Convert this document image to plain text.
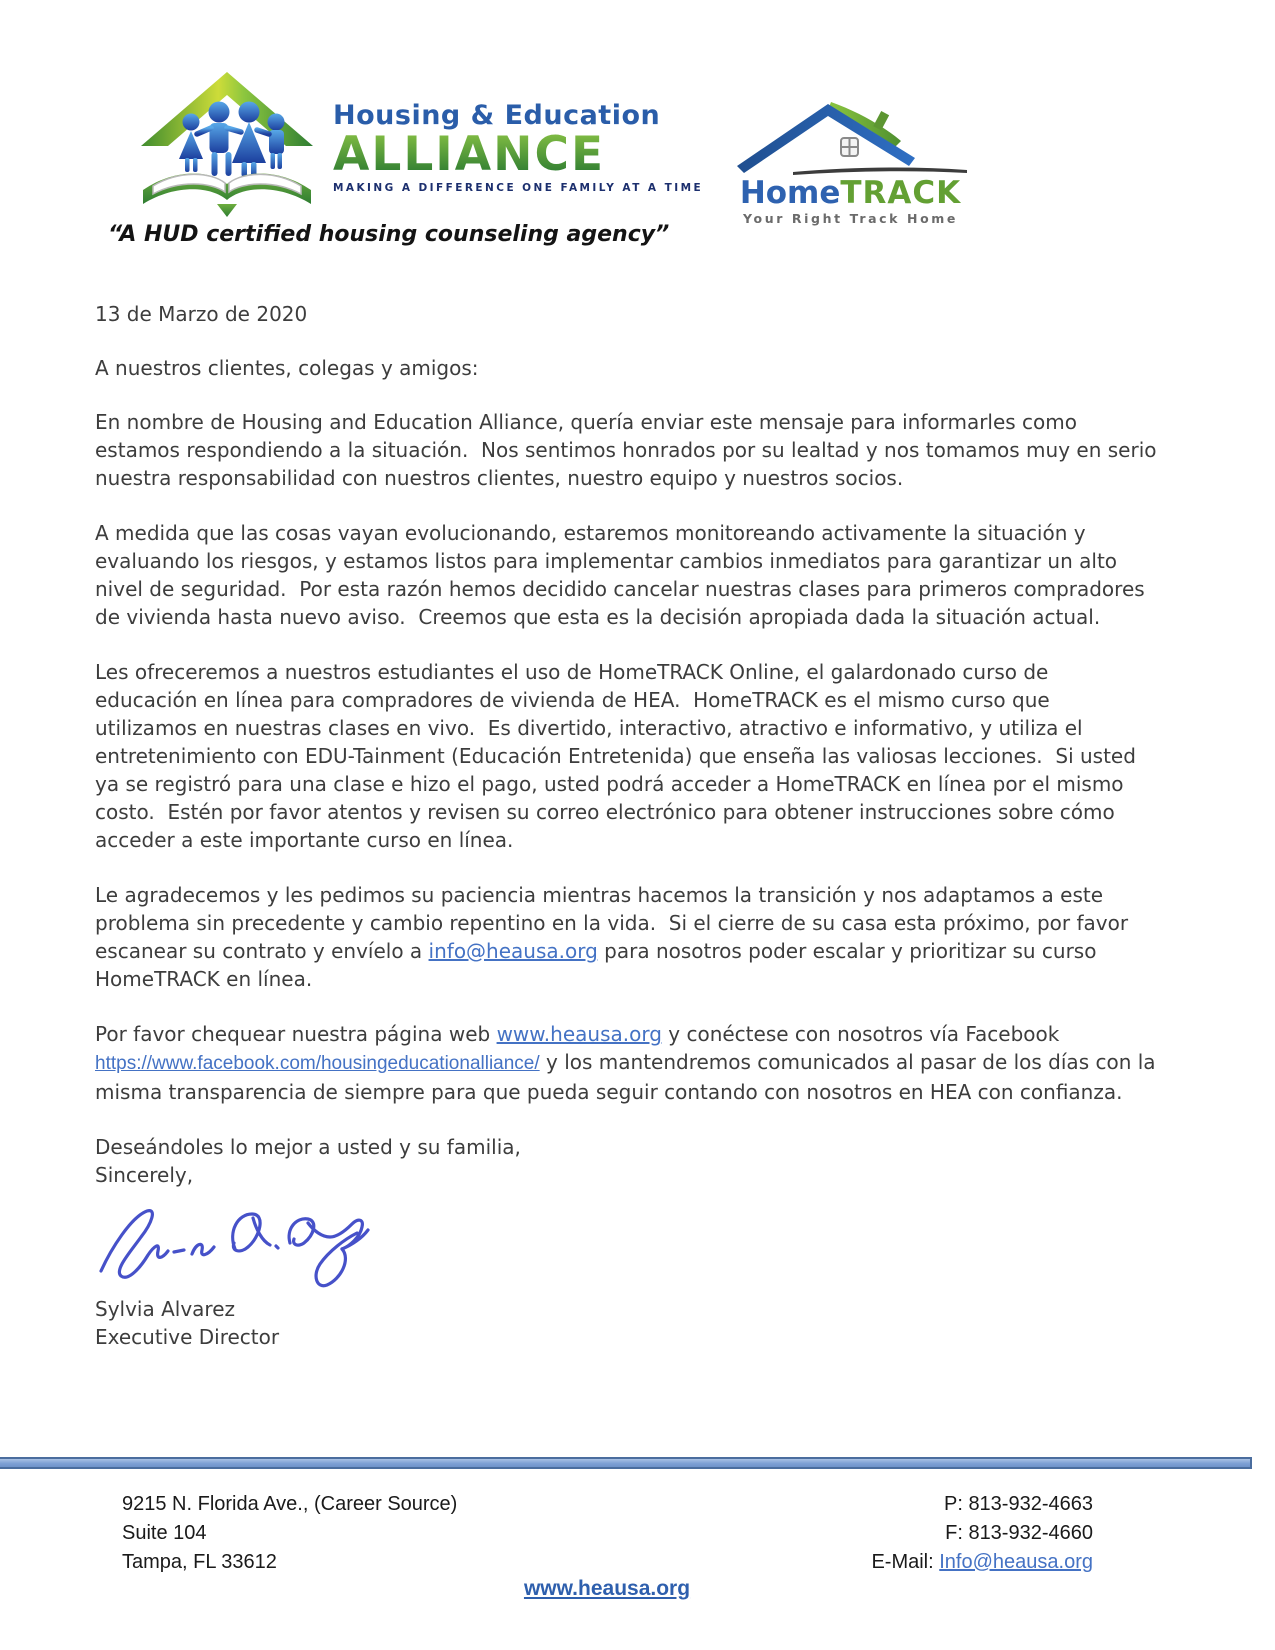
Housing & Education
ALLIANCE
MAKING A DIFFERENCE ONE FAMILY AT A TIME
“A HUD certified housing counseling agency”
HomeTRACK
Your Right Track Home

13 de Marzo de 2020

A nuestros clientes, colegas y amigos:

En nombre de Housing and Education Alliance, quería enviar este mensaje para informarles como estamos respondiendo a la situación.  Nos sentimos honrados por su lealtad y nos tomamos muy en serio nuestra responsabilidad con nuestros clientes, nuestro equipo y nuestros socios.

A medida que las cosas vayan evolucionando, estaremos monitoreando activamente la situación y evaluando los riesgos, y estamos listos para implementar cambios inmediatos para garantizar un alto nivel de seguridad.  Por esta razón hemos decidido cancelar nuestras clases para primeros compradores de vivienda hasta nuevo aviso.  Creemos que esta es la decisión apropiada dada la situación actual.

Les ofreceremos a nuestros estudiantes el uso de HomeTRACK Online, el galardonado curso de educación en línea para compradores de vivienda de HEA.  HomeTRACK es el mismo curso que utilizamos en nuestras clases en vivo.  Es divertido, interactivo, atractivo e informativo, y utiliza el entretenimiento con EDU-Tainment (Educación Entretenida) que enseña las valiosas lecciones.  Si usted ya se registró para una clase e hizo el pago, usted podrá acceder a HomeTRACK en línea por el mismo costo.  Estén por favor atentos y revisen su correo electrónico para obtener instrucciones sobre cómo acceder a este importante curso en línea.

Le agradecemos y les pedimos su paciencia mientras hacemos la transición y nos adaptamos a este problema sin precedente y cambio repentino en la vida.  Si el cierre de su casa esta próximo, por favor escanear su contrato y envíelo a info@heausa.org para nosotros poder escalar y prioritizar su curso HomeTRACK en línea.

Por favor chequear nuestra página web www.heausa.org y conéctese con nosotros vía Facebook https://www.facebook.com/housingeducationalliance/ y los mantendremos comunicados al pasar de los días con la misma transparencia de siempre para que pueda seguir contando con nosotros en HEA con confianza.

Deseándoles lo mejor a usted y su familia,

Sincerely,

Sylvia Alvarez

Executive Director

9215 N. Florida Ave., (Career Source)
Suite 104
Tampa, FL 33612
P: 813-932-4663
F: 813-932-4660
E-Mail: Info@heausa.org
www.heausa.org
